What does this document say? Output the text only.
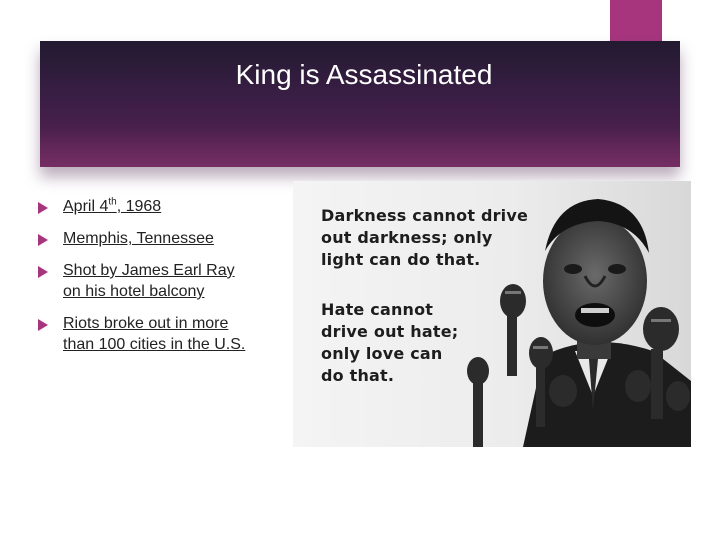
King is Assassinated
April 4th, 1968
Memphis, Tennessee
Shot by James Earl Ray
on his hotel balcony
Riots broke out in more
than 100 cities in the U.S.
Darkness cannot drive
out darkness; only
light can do that.
Hate cannot
drive out hate;
only love can
do that.
